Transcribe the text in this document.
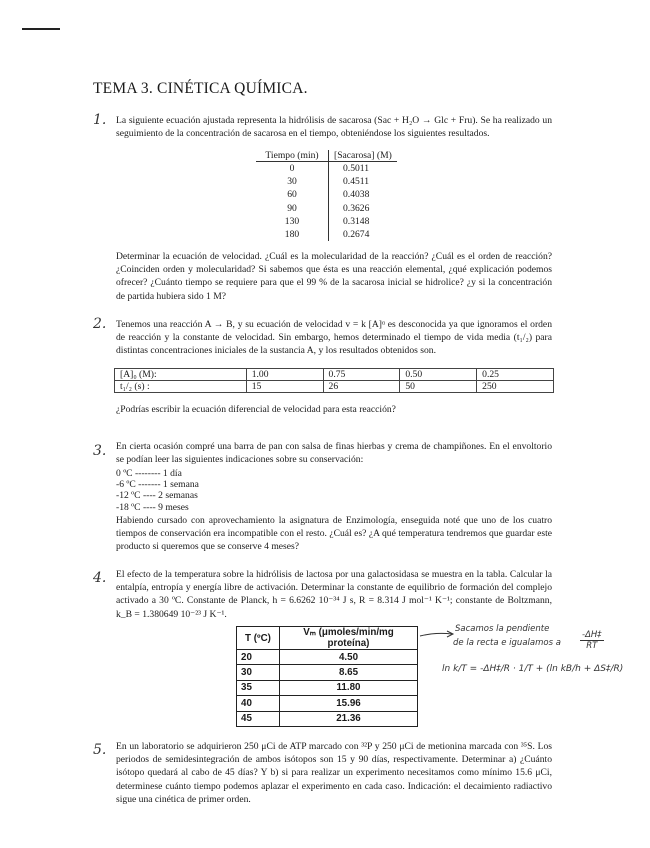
TEMA 3. CINÉTICA QUÍMICA.
1. La siguiente ecuación ajustada representa la hidrólisis de sacarosa (Sac + H₂O → Glc + Fru). Se ha realizado un seguimiento de la concentración de sacarosa en el tiempo, obteniéndose los siguientes resultados.
Tiempo (min)	[Sacarosa] (M)
0	0.5011
30	0.4511
60	0.4038
90	0.3626
130	0.3148
180	0.2674
Determinar la ecuación de velocidad. ¿Cuál es la molecularidad de la reacción? ¿Cuál es el orden de reacción? ¿Coinciden orden y molecularidad? Si sabemos que ésta es una reacción elemental, ¿qué explicación podemos ofrecer? ¿Cuánto tiempo se requiere para que el 99 % de la sacarosa inicial se hidrolice? ¿y si la concentración de partida hubiera sido 1 M?
2. Tenemos una reacción A → B, y su ecuación de velocidad v = k [A]ᵅ es desconocida ya que ignoramos el orden de reacción y la constante de velocidad. Sin embargo, hemos determinado el tiempo de vida media (t₁/₂) para distintas concentraciones iniciales de la sustancia A, y los resultados obtenidos son.
[A]₀ (M):	1.00	0.75	0.50	0.25
t₁/₂ (s) :	15	26	50	250
¿Podrías escribir la ecuación diferencial de velocidad para esta reacción?
3. En cierta ocasión compré una barra de pan con salsa de finas hierbas y crema de champiñones. En el envoltorio se podían leer las siguientes indicaciones sobre su conservación:
0 ºC -------- 1 día
-6 ºC ------- 1 semana
-12 ºC ---- 2 semanas
-18 ºC ---- 9 meses
Habiendo cursado con aprovechamiento la asignatura de Enzimología, enseguida noté que uno de los cuatro tiempos de conservación era incompatible con el resto. ¿Cuál es? ¿A qué temperatura tendremos que guardar este producto si queremos que se conserve 4 meses?
4. El efecto de la temperatura sobre la hidrólisis de lactosa por una galactosidasa se muestra en la tabla. Calcular la entalpía, entropía y energía libre de activación. Determinar la constante de equilibrio de formación del complejo activado a 30 ºC. Constante de Planck, h = 6.6262 10⁻³⁴ J s, R = 8.314 J mol⁻¹ K⁻¹; constante de Boltzmann, k_B = 1.380649 10⁻²³ J K⁻¹.
T (ºC)	Vₘ (μmoles/min/mg proteína)
20	4.50
30	8.65
35	11.80
40	15.96
45	21.36
Sacamos la pendiente
de la recta e igualamos a
-ΔH‡
RT
ln k/T = -ΔH‡/R · 1/T + (ln kB/h + ΔS‡/R)
5. En un laboratorio se adquirieron 250 μCi de ATP marcado con ³²P y 250 μCi de metionina marcada con ³⁵S. Los periodos de semidesintegración de ambos isótopos son 15 y 90 días, respectivamente. Determinar a) ¿Cuánto isótopo quedará al cabo de 45 días? Y b) si para realizar un experimento necesitamos como mínimo 15.6 μCi, determinese cuánto tiempo podemos aplazar el experimento en cada caso. Indicación: el decaimiento radiactivo sigue una cinética de primer orden.
